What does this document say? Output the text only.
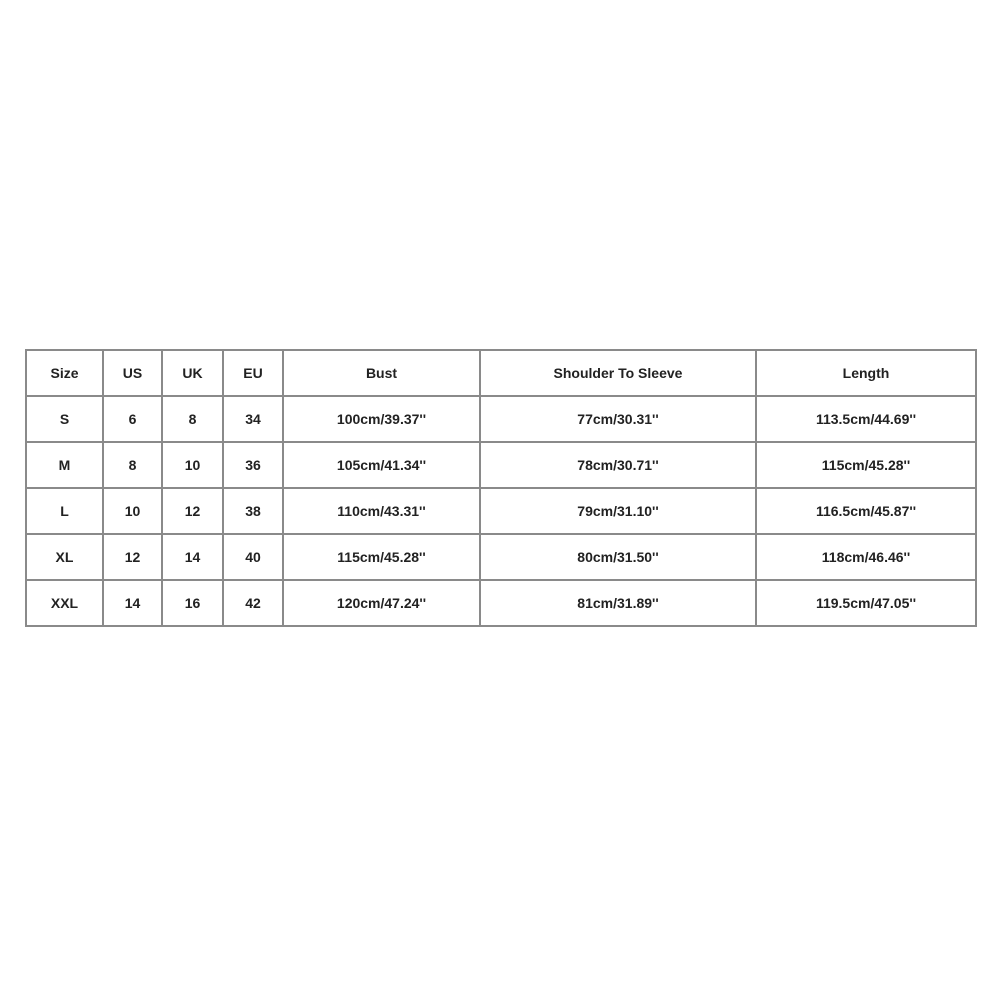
Size	US	UK	EU	Bust	Shoulder To Sleeve	Length
S	6	8	34	100cm/39.37''	77cm/30.31''	113.5cm/44.69''
M	8	10	36	105cm/41.34''	78cm/30.71''	115cm/45.28''
L	10	12	38	110cm/43.31''	79cm/31.10''	116.5cm/45.87''
XL	12	14	40	115cm/45.28''	80cm/31.50''	118cm/46.46''
XXL	14	16	42	120cm/47.24''	81cm/31.89''	119.5cm/47.05''
